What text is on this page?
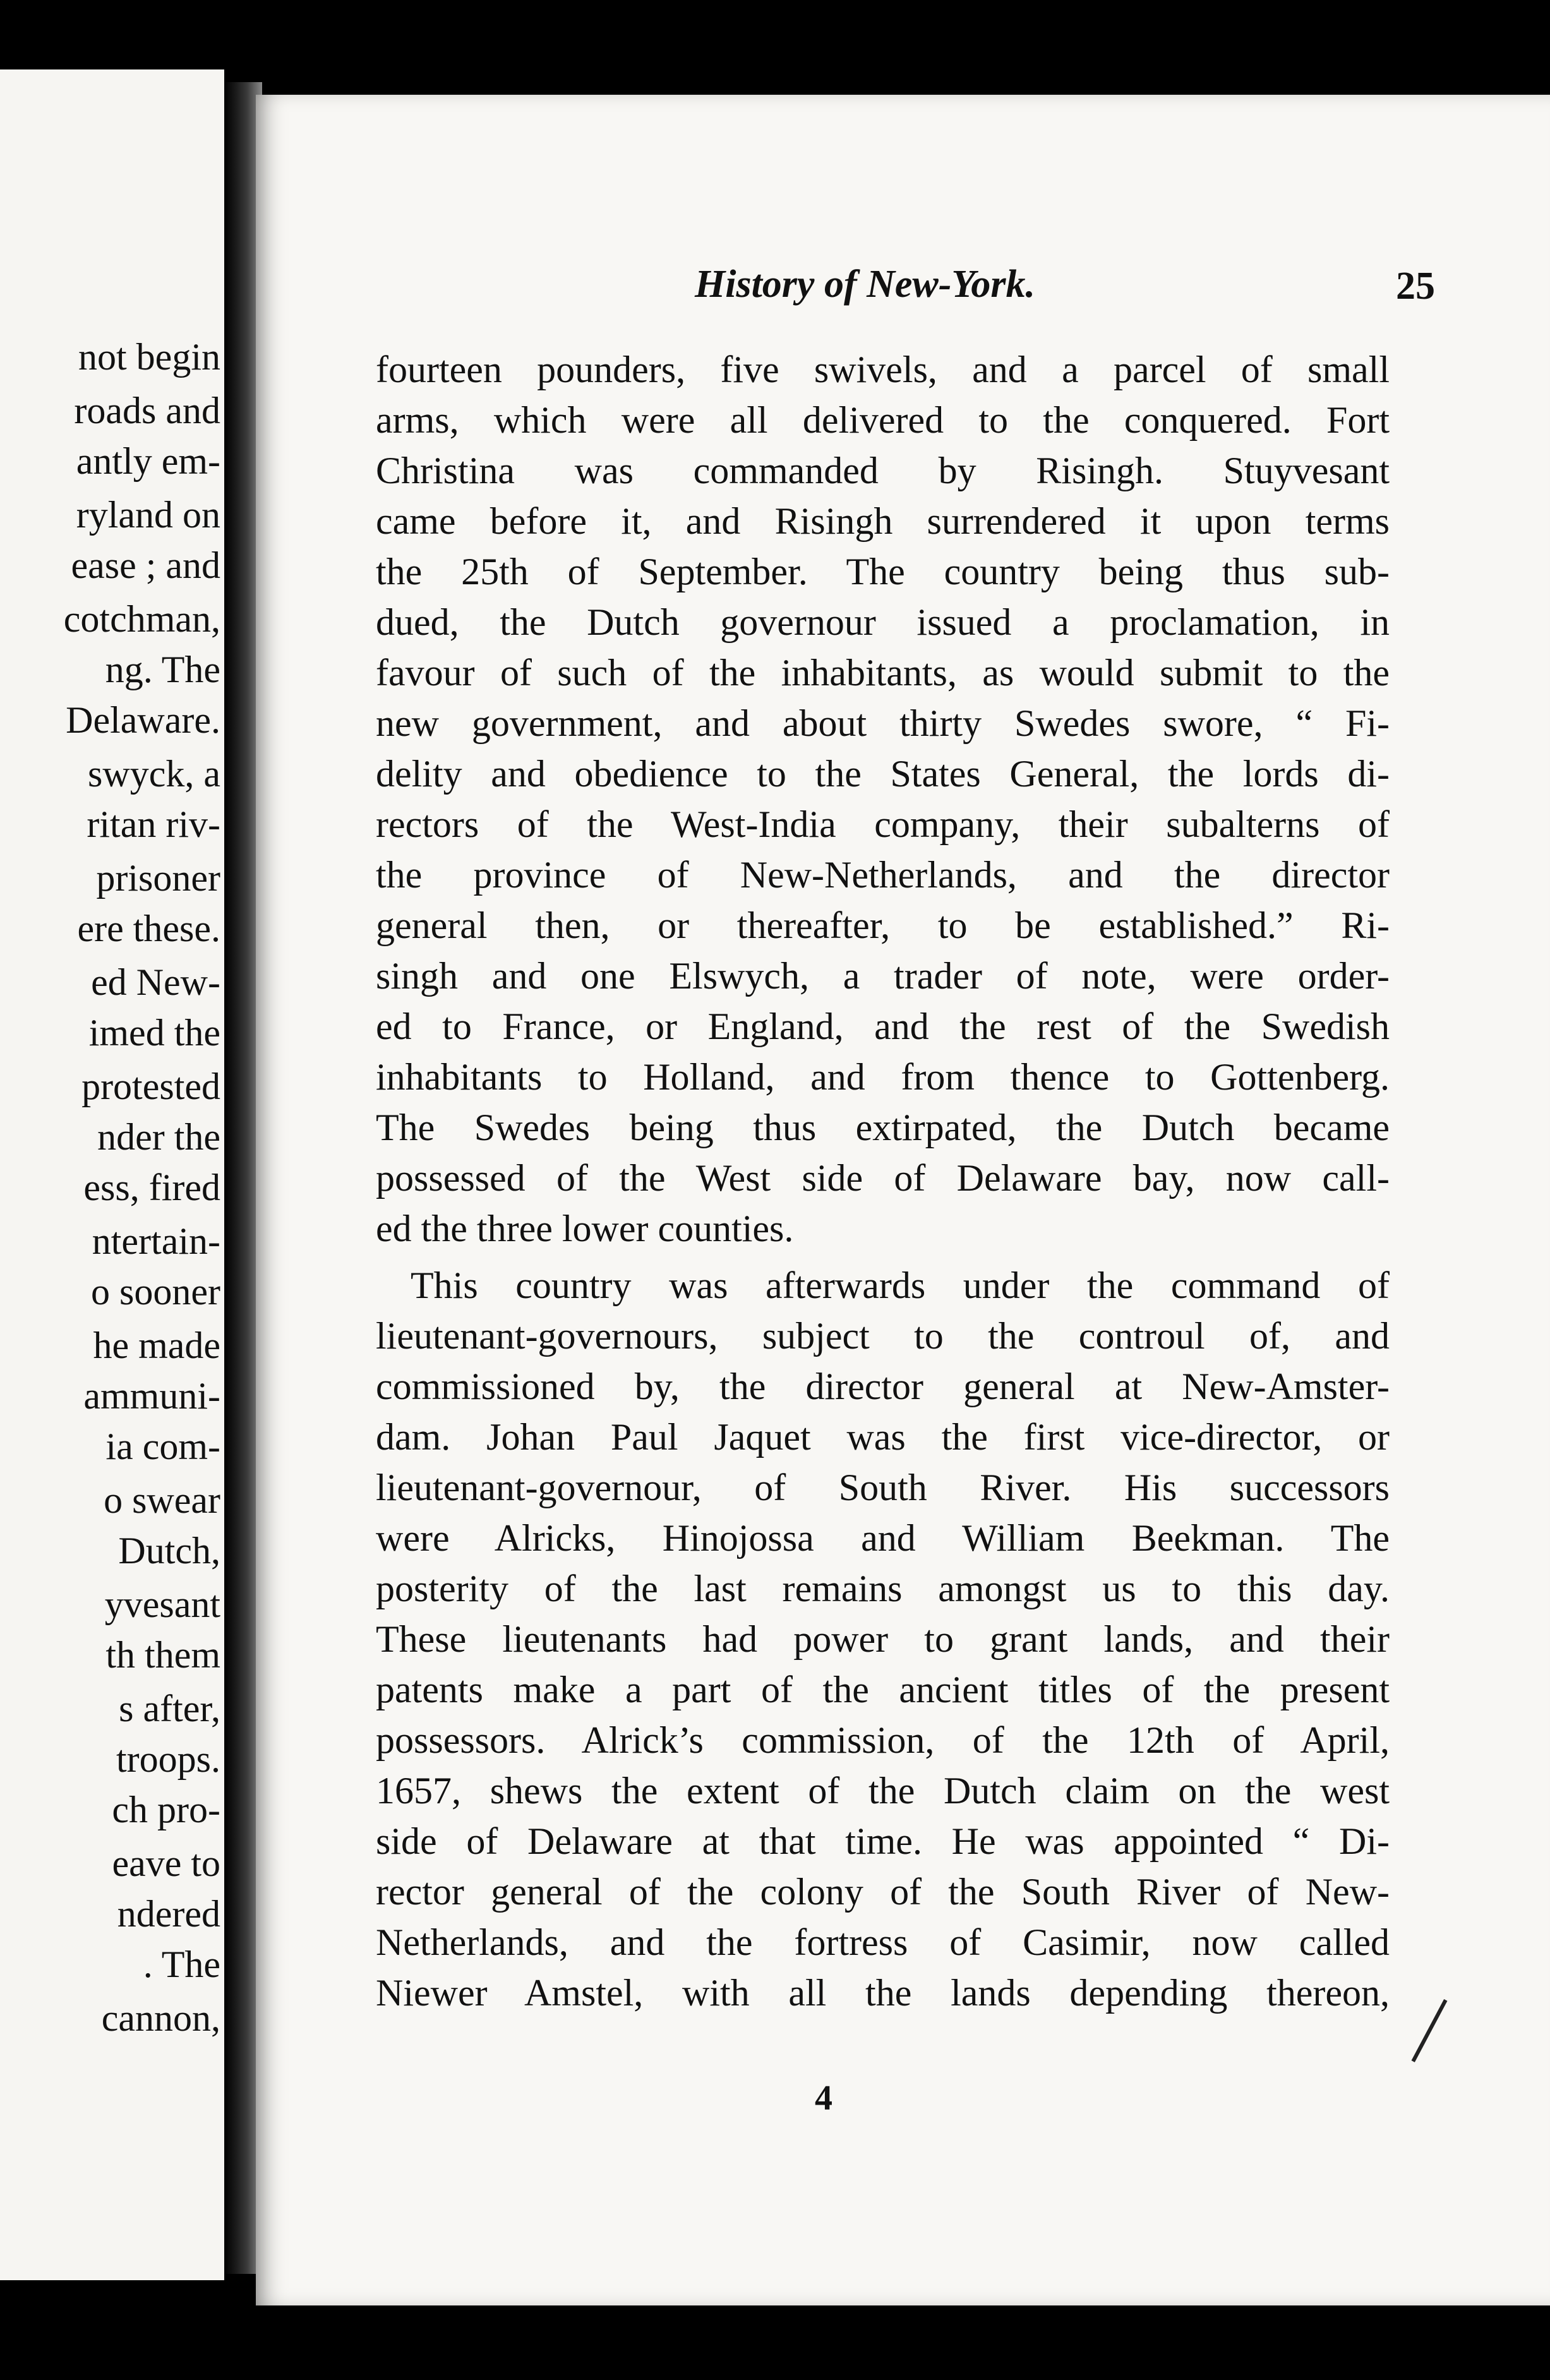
not begin
roads and
antly em-
ryland on
ease ; and
cotchman,
ng. The
Delaware.
swyck, a
ritan riv-
prisoner
ere these.
ed New-
imed the
protested
nder the
ess, fired
ntertain-
o sooner
he made
ammuni-
ia com-
o swear
Dutch,
yvesant
th them
s after,
troops.
ch pro-
eave to
ndered
. The
cannon,
History of New-York.	25
fourteen pounders, five swivels, and a parcel of small
arms, which were all delivered to the conquered. Fort
Christina was commanded by Risingh. Stuyvesant
came before it, and Risingh surrendered it upon terms
the 25th of September. The country being thus sub-
dued, the Dutch governour issued a proclamation, in
favour of such of the inhabitants, as would submit to the
new government, and about thirty Swedes swore, “ Fi-
delity and obedience to the States General, the lords di-
rectors of the West-India company, their subalterns of
the province of New-Netherlands, and the director
general then, or thereafter, to be established.” Ri-
singh and one Elswych, a trader of note, were order-
ed to France, or England, and the rest of the Swedish
inhabitants to Holland, and from thence to Gottenberg.
The Swedes being thus extirpated, the Dutch became
possessed of the West side of Delaware bay, now call-
ed the three lower counties.
This country was afterwards under the command of
lieutenant-governours, subject to the controul of, and
commissioned by, the director general at New-Amster-
dam. Johan Paul Jaquet was the first vice-director, or
lieutenant-governour, of South River. His successors
were Alricks, Hinojossa and William Beekman. The
posterity of the last remains amongst us to this day.
These lieutenants had power to grant lands, and their
patents make a part of the ancient titles of the present
possessors. Alrick’s commission, of the 12th of April,
1657, shews the extent of the Dutch claim on the west
side of Delaware at that time. He was appointed “ Di-
rector general of the colony of the South River of New-
Netherlands, and the fortress of Casimir, now called
Niewer Amstel, with all the lands depending thereon,
4
